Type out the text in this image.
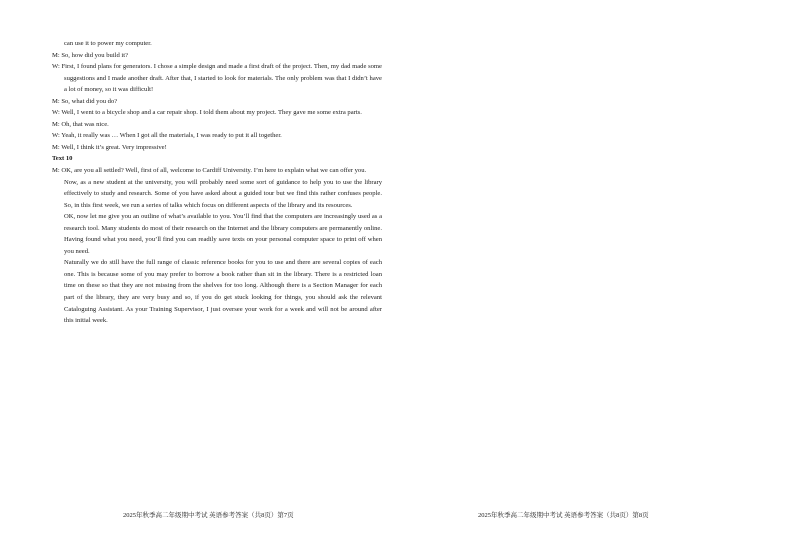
can use it to power my computer.
M: So, how did you build it?
W: First, I found plans for generators. I chose a simple design and made a first draft of the project. Then, my dad made some suggestions and I made another draft. After that, I started to look for materials. The only problem was that I didn’t have a lot of money, so it was difficult!
M: So, what did you do?
W: Well, I went to a bicycle shop and a car repair shop. I told them about my project. They gave me some extra parts.
M: Oh, that was nice.
W: Yeah, it really was … When I got all the materials, I was ready to put it all together.
M: Well, I think it’s great. Very impressive!
Text 10
M: OK, are you all settled? Well, first of all, welcome to Cardiff University. I’m here to explain what we can offer you.
Now, as a new student at the university, you will probably need some sort of guidance to help you to use the library effectively to study and research. Some of you have asked about a guided tour but we find this rather confuses people. So, in this first week, we run a series of talks which focus on different aspects of the library and its resources.
OK, now let me give you an outline of what’s available to you. You’ll find that the computers are increasingly used as a research tool. Many students do most of their research on the Internet and the library computers are permanently online. Having found what you need, you’ll find you can readily save texts on your personal computer space to print off when you need.
Naturally we do still have the full range of classic reference books for you to use and there are several copies of each one. This is because some of you may prefer to borrow a book rather than sit in the library. There is a restricted loan time on these so that they are not missing from the shelves for too long. Although there is a Section Manager for each part of the library, they are very busy and so, if you do get stuck looking for things, you should ask the relevant Cataloguing Assistant. As your Training Supervisor, I just oversee your work for a week and will not be around after this initial week.
2025年秋季高二年级期中考试 英语参考答案（共8页）第7页	2025年秋季高二年级期中考试 英语参考答案（共8页）第8页
